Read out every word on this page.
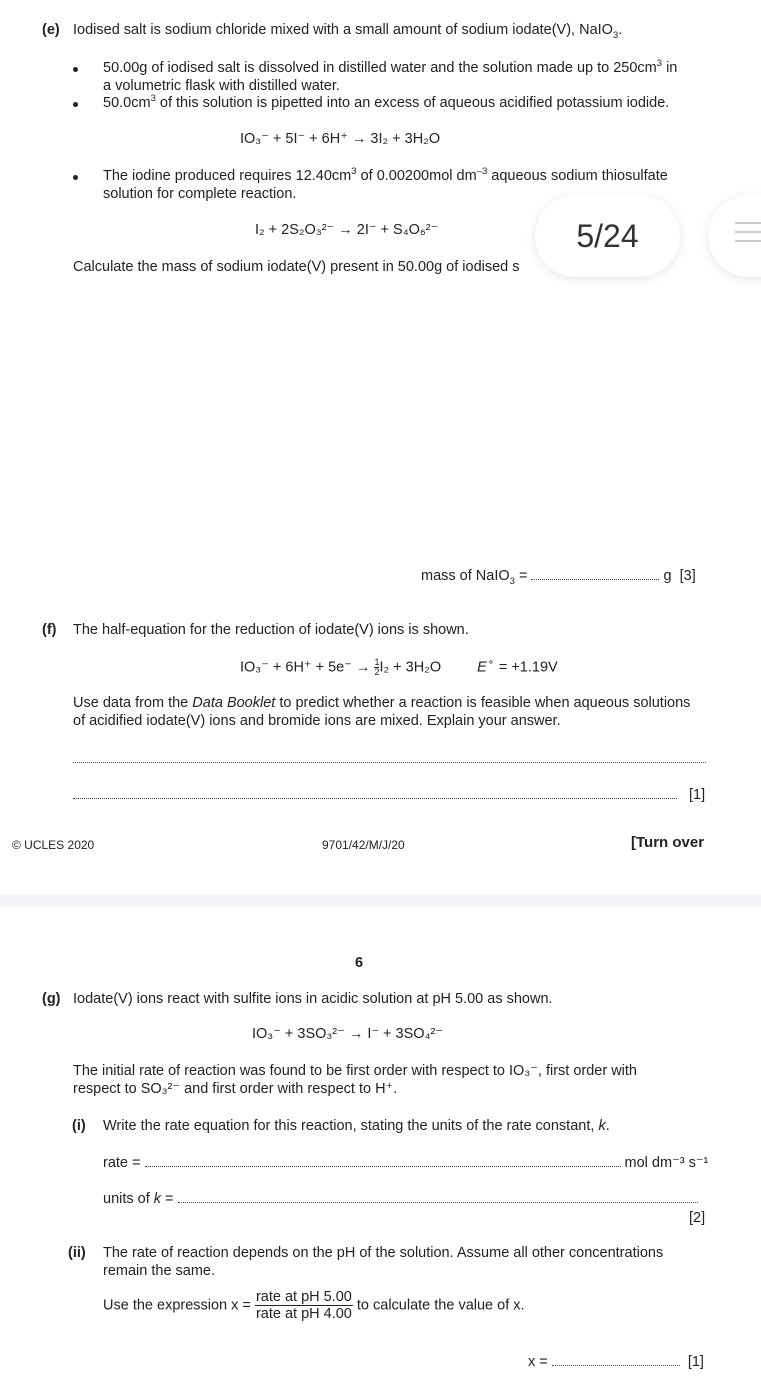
(e) Iodised salt is sodium chloride mixed with a small amount of sodium iodate(V), NaIO$_3$.
50.00g of iodised salt is dissolved in distilled water and the solution made up to $250cm^3$ in
a volumetric flask with distilled water.
$50.0cm^3$ of this solution is pipetted into an excess of aqueous acidified potassium iodide.
IO₃⁻ + 5I⁻ + 6H⁺ → 3I₂ + 3H₂O
The iodine produced requires $12.40cm^3$ of 0.00200mol $dm^{-3}$ aqueous sodium thiosulfate
solution for complete reaction.
I₂ + 2S₂O₃²⁻ → 2I⁻ + S₄O₆²⁻
Calculate the mass of sodium iodate(V) present in 50.00g of iodised s
mass of NaIO$_3$ =	g [3]
5/24
(f) The half-equation for the reduction of iodate(V) ions is shown.
$IO_3^- + 6H^+ + 5e^- \to \frac{1}{2}I_2 + 3H_2O$ E⚬ = +1.19V
Use data from the Data Booklet to predict whether a reaction is feasible when aqueous solutions
of acidified iodate(V) ions and bromide ions are mixed. Explain your answer.
[1]
© UCLES 2020	9701/42/M/J/20	[Turn over
6
(g) Iodate(V) ions react with sulfite ions in acidic solution at pH 5.00 as shown.
IO₃⁻ + 3SO₃²⁻ → I⁻ + 3SO₄²⁻
The initial rate of reaction was found to be first order with respect to IO₃⁻, first order with
respect to SO₃²⁻ and first order with respect to H⁺.
(i) Write the rate equation for this reaction, stating the units of the rate constant, k.
rate =	mol dm⁻³ s⁻¹
units of k =
[2]
(ii) The rate of reaction depends on the pH of the solution. Assume all other concentrations
remain the same.
Use the expression $x = \frac{\text{rate at pH 5.00}}{\text{rate at pH 4.00}}$ to calculate the value of x.
x =	[1]
